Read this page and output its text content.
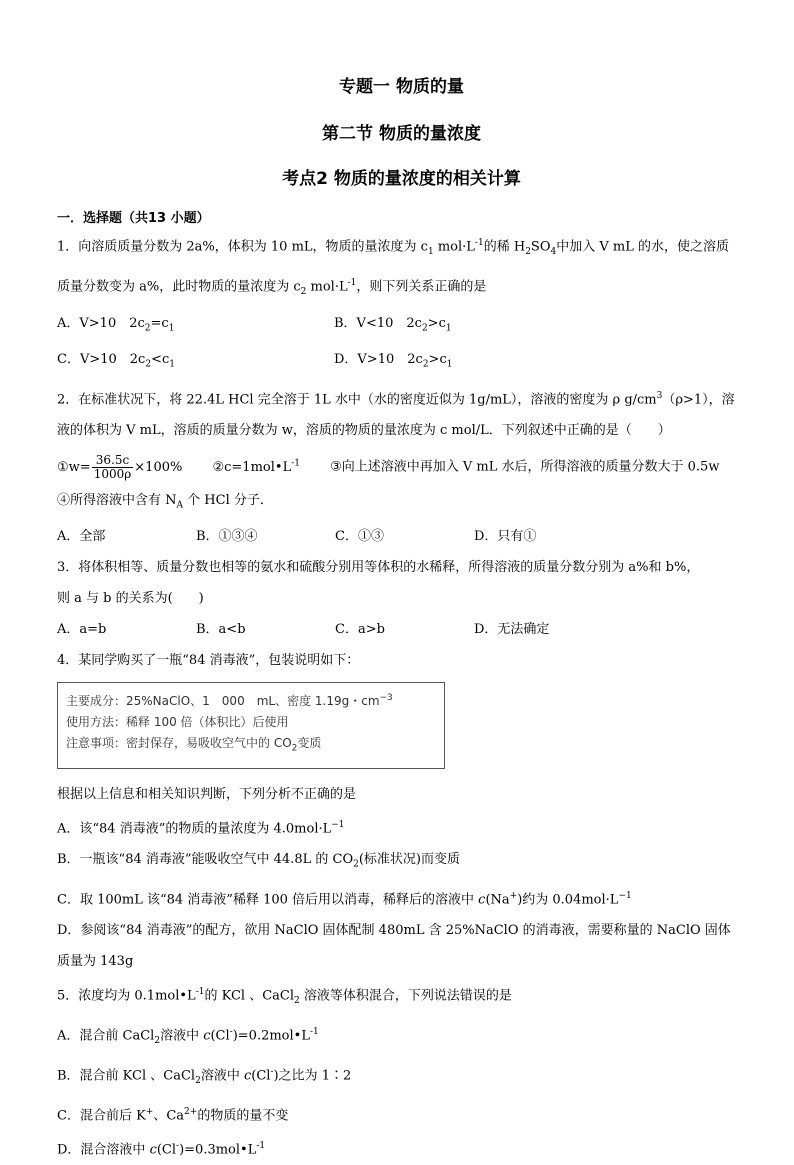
专题一 物质的量
第二节 物质的量浓度
考点2 物质的量浓度的相关计算
一．选择题（共13 小题）
1．向溶质质量分数为 2a%，体积为 10 mL，物质的量浓度为 $c_1$ $mol\cdot L^{-1}$的稀 $H_2SO_4$中加入 V mL 的水，使之溶质
质量分数变为 a%，此时物质的量浓度为 $c_2$ $mol\cdot L^{-1}$，则下列关系正确的是
A．V>10　$2c_2=c_1$	B．V<10　$2c_2>c_1$
C．V>10　$2c_2<c_1$	D．V>10　$2c_2>c_1$
2．在标准状况下，将 22.4L HCl 完全溶于 1L 水中（水的密度近似为 1g/mL），溶液的密度为 ρ $g/cm^3(\rho>1)$，溶
液的体积为 V mL，溶质的质量分数为 w，溶质的物质的量浓度为 c mol/L．下列叙述中正确的是（　　）
①w= $\frac{36.5c}{1000\rho} \times 100\%$ $②c=1mol•L^{-1}$ ③向上述溶液中再加入 V mL 水后，所得溶液的质量分数大于 0.5w
④所得溶液中含有 $N_A$ 个 HCl 分子．
A．全部	B．①③④	C．①③	D．只有①
3．将体积相等、质量分数也相等的氨水和硫酸分别用等体积的水稀释，所得溶液的质量分数分别为 a%和 b%，
则 a 与 b 的关系为(　　)
A．a=b	B．a<b	C．a>b	D．无法确定
4．某同学购买了一瓶“84 消毒液”，包装说明如下：
主要成分：25%NaClO、1　000　mL、密度 1.19g・$cm^{-3}$
使用方法：稀释 100 倍（体积比）后使用
注意事项：密封保存，易吸收空气中的 $CO_2$变质
根据以上信息和相关知识判断，下列分析不正确的是
A．该“84 消毒液”的物质的量浓度为 $4.0mol\cdot L^{-1}$
B．一瓶该“84 消毒液”能吸收空气中 44.8L 的 $CO_2$(标准状况)而变质
C．取 100mL 该“84 消毒液”稀释 100 倍后用以消毒，稀释后的溶液中 c(Na+)约为 $0.04mol\cdot L^{-1}$
D．参阅该“84 消毒液”的配方，欲用 NaClO 固体配制 480mL 含 25%NaClO 的消毒液，需要称量的 NaClO 固体
质量为 143g
5．浓度均为 $0.1mol•L^{-1}$的 KCl 、CaCl$_2$ 溶液等体积混合，下列说法错误的是
A．混合前 CaCl$_2$溶液中 $c(Cl^-)=0.2mol•L^{-1}$
B．混合前 KCl 、CaCl$_2$溶液中 c(Cl-)之比为 1∶2
C．混合前后 K+、$Ca^{2+}$的物质的量不变
D．混合溶液中 $c(Cl^-)=0.3mol•L^{-1}$
